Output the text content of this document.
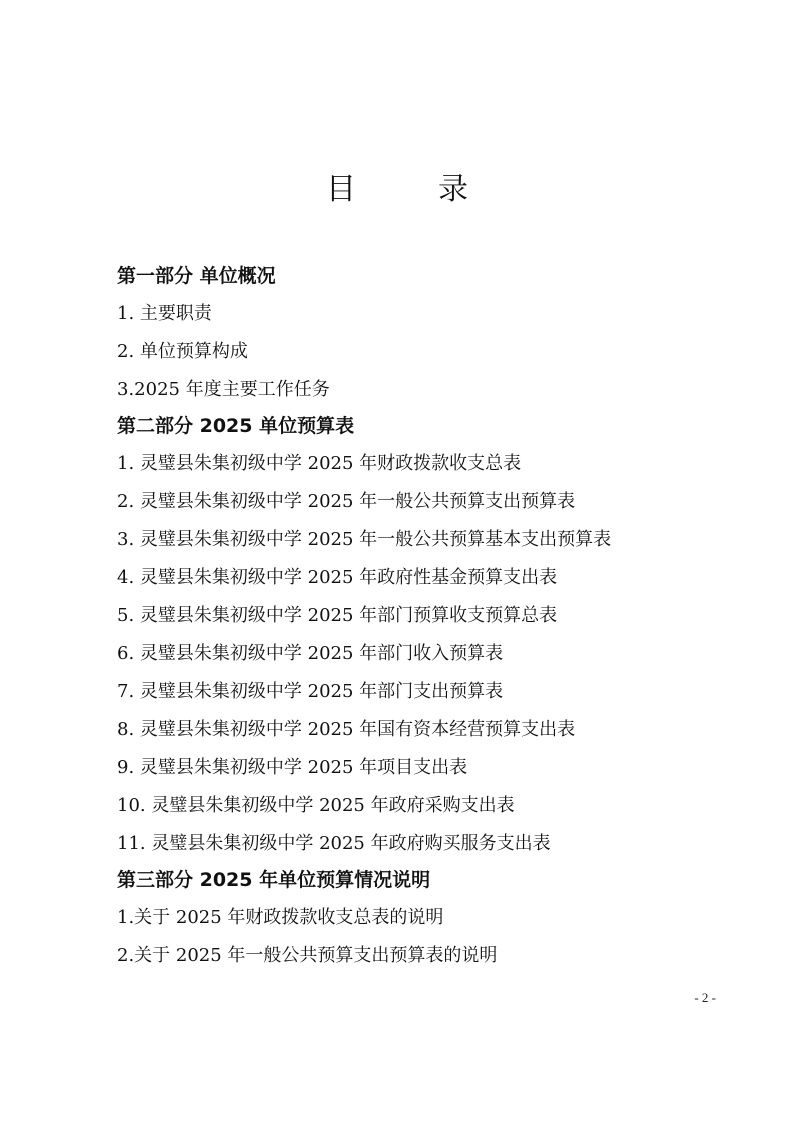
目　录
第一部分 单位概况
1. 主要职责
2. 单位预算构成
3.2025 年度主要工作任务
第二部分 2025 单位预算表
1. 灵璧县朱集初级中学 2025 年财政拨款收支总表
2. 灵璧县朱集初级中学 2025 年一般公共预算支出预算表
3. 灵璧县朱集初级中学 2025 年一般公共预算基本支出预算表
4. 灵璧县朱集初级中学 2025 年政府性基金预算支出表
5. 灵璧县朱集初级中学 2025 年部门预算收支预算总表
6. 灵璧县朱集初级中学 2025 年部门收入预算表
7. 灵璧县朱集初级中学 2025 年部门支出预算表
8. 灵璧县朱集初级中学 2025 年国有资本经营预算支出表
9. 灵璧县朱集初级中学 2025 年项目支出表
10. 灵璧县朱集初级中学 2025 年政府采购支出表
11. 灵璧县朱集初级中学 2025 年政府购买服务支出表
第三部分 2025 年单位预算情况说明
1.关于 2025 年财政拨款收支总表的说明
2.关于 2025 年一般公共预算支出预算表的说明
- 2 -
